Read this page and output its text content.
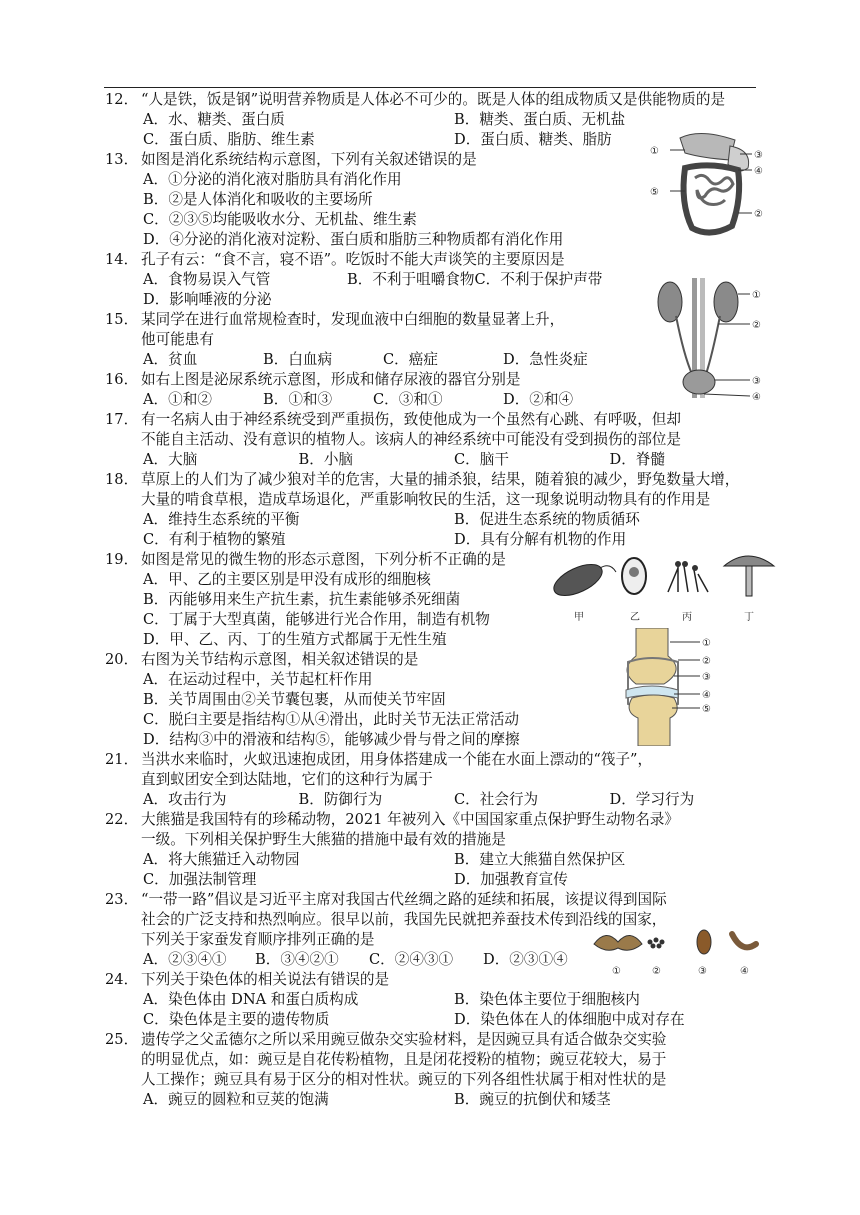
12． “人是铁，饭是钢”说明营养物质是人体必不可少的。既是人体的组成物质又是供能物质的是
A．水、糖类、蛋白质	B．糖类、蛋白质、无机盐
C．蛋白质、脂肪、维生素	D．蛋白质、糖类、脂肪
13． 如图是消化系统结构示意图，下列有关叙述错误的是
A．①分泌的消化液对脂肪具有消化作用
B．②是人体消化和吸收的主要场所
C．②③⑤均能吸收水分、无机盐、维生素
D．④分泌的消化液对淀粉、蛋白质和脂肪三种物质都有消化作用
14． 孔子有云：“食不言，寝不语”。吃饭时不能大声谈笑的主要原因是
A．食物易误入气管	B．不利于咀嚼食物 C．不利于保护声带
D．影响唾液的分泌
15． 某同学在进行血常规检查时，发现血液中白细胞的数量显著上升，
他可能患有
A．贫血	B．白血病	C．癌症	D．急性炎症
16． 如右上图是泌尿系统示意图，形成和储存尿液的器官分别是
A．①和②	B．①和③	C．③和①	D．②和④
17． 有一名病人由于神经系统受到严重损伤，致使他成为一个虽然有心跳、有呼吸，但却
不能自主活动、没有意识的植物人。该病人的神经系统中可能没有受到损伤的部位是
A．大脑	B．小脑	C．脑干	D．脊髓
18． 草原上的人们为了减少狼对羊的危害，大量的捕杀狼，结果，随着狼的减少，野兔数量大增，
大量的啃食草根，造成草场退化，严重影响牧民的生活，这一现象说明动物具有的作用是
A．维持生态系统的平衡	B．促进生态系统的物质循环
C．有利于植物的繁殖	D．具有分解有机物的作用
19． 如图是常见的微生物的形态示意图，下列分析不正确的是
A．甲、乙的主要区别是甲没有成形的细胞核
B．丙能够用来生产抗生素，抗生素能够杀死细菌
C．丁属于大型真菌，能够进行光合作用，制造有机物
D．甲、乙、丙、丁的生殖方式都属于无性生殖
20． 右图为关节结构示意图，相关叙述错误的是
A．在运动过程中，关节起杠杆作用
B．关节周围由②关节囊包裹，从而使关节牢固
C．脱臼主要是指结构①从④滑出，此时关节无法正常活动
D．结构③中的滑液和结构⑤，能够减少骨与骨之间的摩擦
21． 当洪水来临时，火蚁迅速抱成团，用身体搭建成一个能在水面上漂动的“筏子”，
直到蚁团安全到达陆地，它们的这种行为属于
A．攻击行为	B．防御行为	C．社会行为	D．学习行为
22． 大熊猫是我国特有的珍稀动物，2021 年被列入《中国国家重点保护野生动物名录》
一级。下列相关保护野生大熊猫的措施中最有效的措施是
A．将大熊猫迁入动物园	B．建立大熊猫自然保护区
C．加强法制管理	D．加强教育宣传
23． “一带一路”倡议是习近平主席对我国古代丝绸之路的延续和拓展，该提议得到国际
社会的广泛支持和热烈响应。很早以前，我国先民就把养蚕技术传到沿线的国家，
下列关于家蚕发育顺序排列正确的是
A．②③④①	B．③④②①	C．②④③①	D．②③①④
24． 下列关于染色体的相关说法有错误的是
A．染色体由 DNA 和蛋白质构成	B．染色体主要位于细胞核内
C．染色体是主要的遗传物质	D．染色体在人的体细胞中成对存在
25． 遗传学之父孟德尔之所以采用豌豆做杂交实验材料，是因豌豆具有适合做杂交实验
的明显优点，如：豌豆是自花传粉植物，且是闭花授粉的植物；豌豆花较大，易于
人工操作；豌豆具有易于区分的相对性状。豌豆的下列各组性状属于相对性状的是
A．豌豆的圆粒和豆荚的饱满	B．豌豆的抗倒伏和矮茎
①	③
④
⑤
②
①
②
③
④
甲	乙	丙	丁
①
②
③
④
⑤
①	②	③	④
